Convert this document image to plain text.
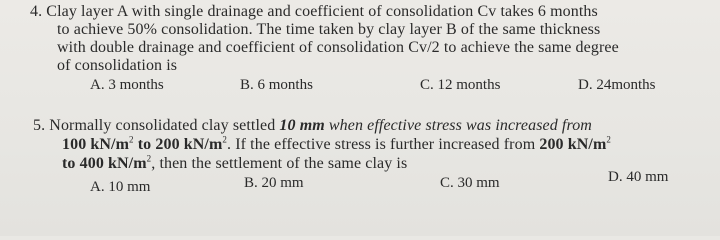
4. Clay layer A with single drainage and coefficient of consolidation Cv takes 6 months
to achieve 50% consolidation. The time taken by clay layer B of the same thickness
with double drainage and coefficient of consolidation Cv/2 to achieve the same degree
of consolidation is
A. 3 months	B. 6 months	C. 12 months	D. 24months
5. Normally consolidated clay settled 10 mm when effective stress was increased from
100 $kN/m^2$ to 200 $kN/m^2$. If the effective stress is further increased from 200 $kN/m^2$
to 400 $kN/m^2$, then the settlement of the same clay is
A. 10 mm	B. 20 mm	C. 30 mm	D. 40 mm
